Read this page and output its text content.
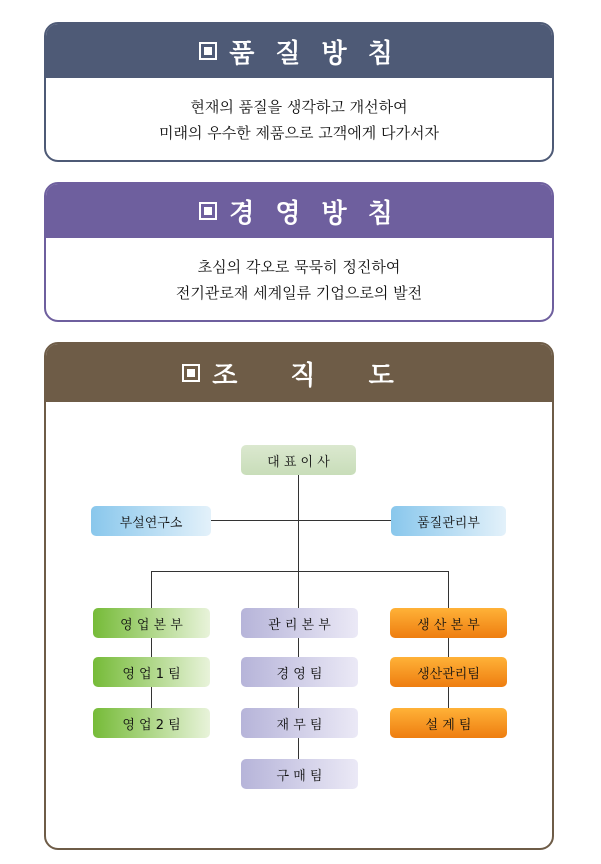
품 질 방 침
현재의 품질을 생각하고 개선하여
미래의 우수한 제품으로 고객에게 다가서자
경 영 방 침
초심의 각오로 묵묵히 정진하여
전기관로재 세계일류 기업으로의 발전
조 직 도
대 표 이 사
부설연구소	품질관리부
영 업 본 부
영 업 1 팀
영 업 2 팀
관 리 본 부
경 영 팀
재 무 팀
구 매 팀
생 산 본 부
생산관리팀
설 계 팀
